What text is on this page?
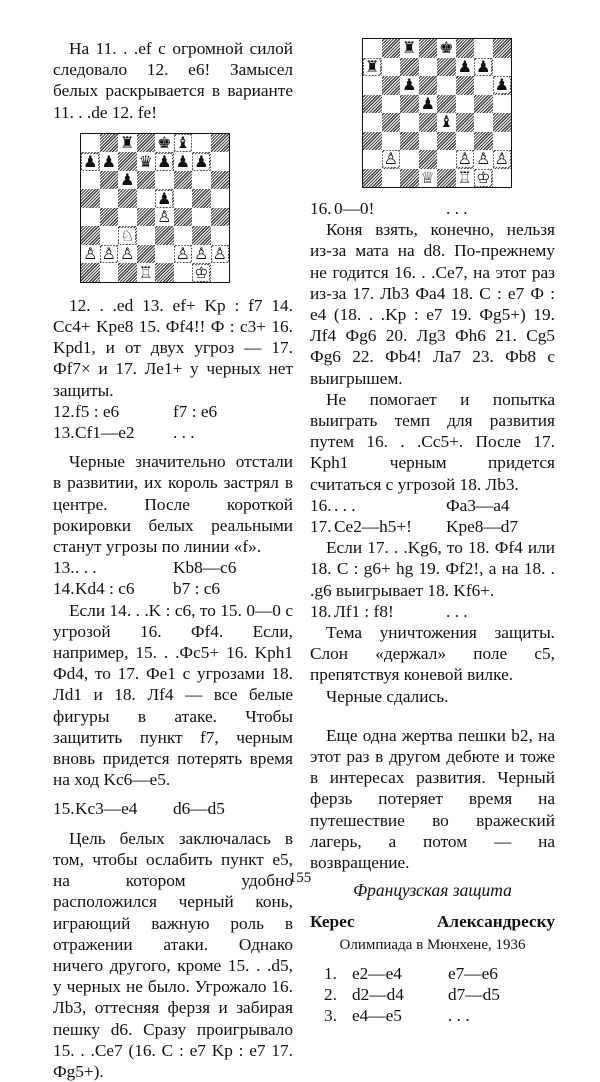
На 11. . .ef с огромной силой следовало 12. e6! Замысел белых раскрывается в варианте 11. . .de 12. fe!

♜ ♚ ♝
♟ ♟ ♛ ♟ ♟ ♟
♟
♟
♙
♘
♙ ♙ ♙	♙ ♙ ♙
♖	♔

12. . .ed 13. ef+ Kp : f7 14. Cc4+ Kpe8 15. Фf4!! Ф : c3+ 16. Kpd1, и от двух угроз — 17. Фf7× и 17. Ле1+ у черных нет защиты.

12. f5 : e6	f7 : e6
13. Cf1—e2	. . .

Черные значительно отстали в развитии, их король застрял в центре. После короткой рокировки белых реальными станут угрозы по линии «f».

13. . . .	Kb8—c6
14. Kd4 : c6	b7 : c6

Если 14. . .K : c6, то 15. 0—0 с угрозой 16. Фf4. Если, например, 15. . .Фc5+ 16. Kph1 Фd4, то 17. Фe1 с угрозами 18. Лd1 и 18. Лf4 — все белые фигуры в атаке. Чтобы защитить пункт f7, черным вновь придется потерять время на ход Kc6—e5.

15. Kc3—e4	d6—d5

Цель белых заключалась в том, чтобы ослабить пункт e5, на котором удобно расположился черный конь, играющий важную роль в отражении атаки. Однако ничего другого, кроме 15. . .d5, у черных не было. Угрожало 16. Лb3, оттесняя ферзя и забирая пешку d6. Сразу проигрывало 15. . .Ce7 (16. C : e7 Kp : e7 17. Фg5+).

♜ ♚
♜	♟ ♟
♟	♟
♟
♝
♙	♙ ♙ ♙
♕ ♖ ♔
16. 0—0!	. . .

Коня взять, конечно, нельзя из-за мата на d8. По-прежнему не годится 16. . .Ce7, на этот раз из-за 17. Лb3 Фa4 18. C : e7 Ф : e4 (18. . .Kp : e7 19. Фg5+) 19. Лf4 Фg6 20. Лg3 Фh6 21. Cg5 Фg6 22. Фb4! Лa7 23. Фb8 с выигрышем.

Не помогает и попытка выиграть темп для развития путем 16. . .Cc5+. После 17. Kph1 черным придется считаться с угрозой 18. Лb3.

16. . . .	Фa3—a4
17. Ce2—h5+!	Kpe8—d7

Если 17. . .Kg6, то 18. Фf4 или 18. C : g6+ hg 19. Фf2!, а на 18. . .g6 выигрывает 18. Kf6+.

18. Лf1 : f8!	. . .

Тема уничтожения защиты. Слон «держал» поле c5, препятствуя коневой вилке.

Черные сдались.

Еще одна жертва пешки b2, на этот раз в другом дебюте и тоже в интересах развития. Черный ферзь потеряет время на путешествие во вражеский лагерь, а потом — на возвращение.

Французская защита
Керес	Александреску
Олимпиада в Мюнхене, 1936
1. e2—e4	e7—e6
2. d2—d4	d7—d5
3. e4—e5	. . .
155
